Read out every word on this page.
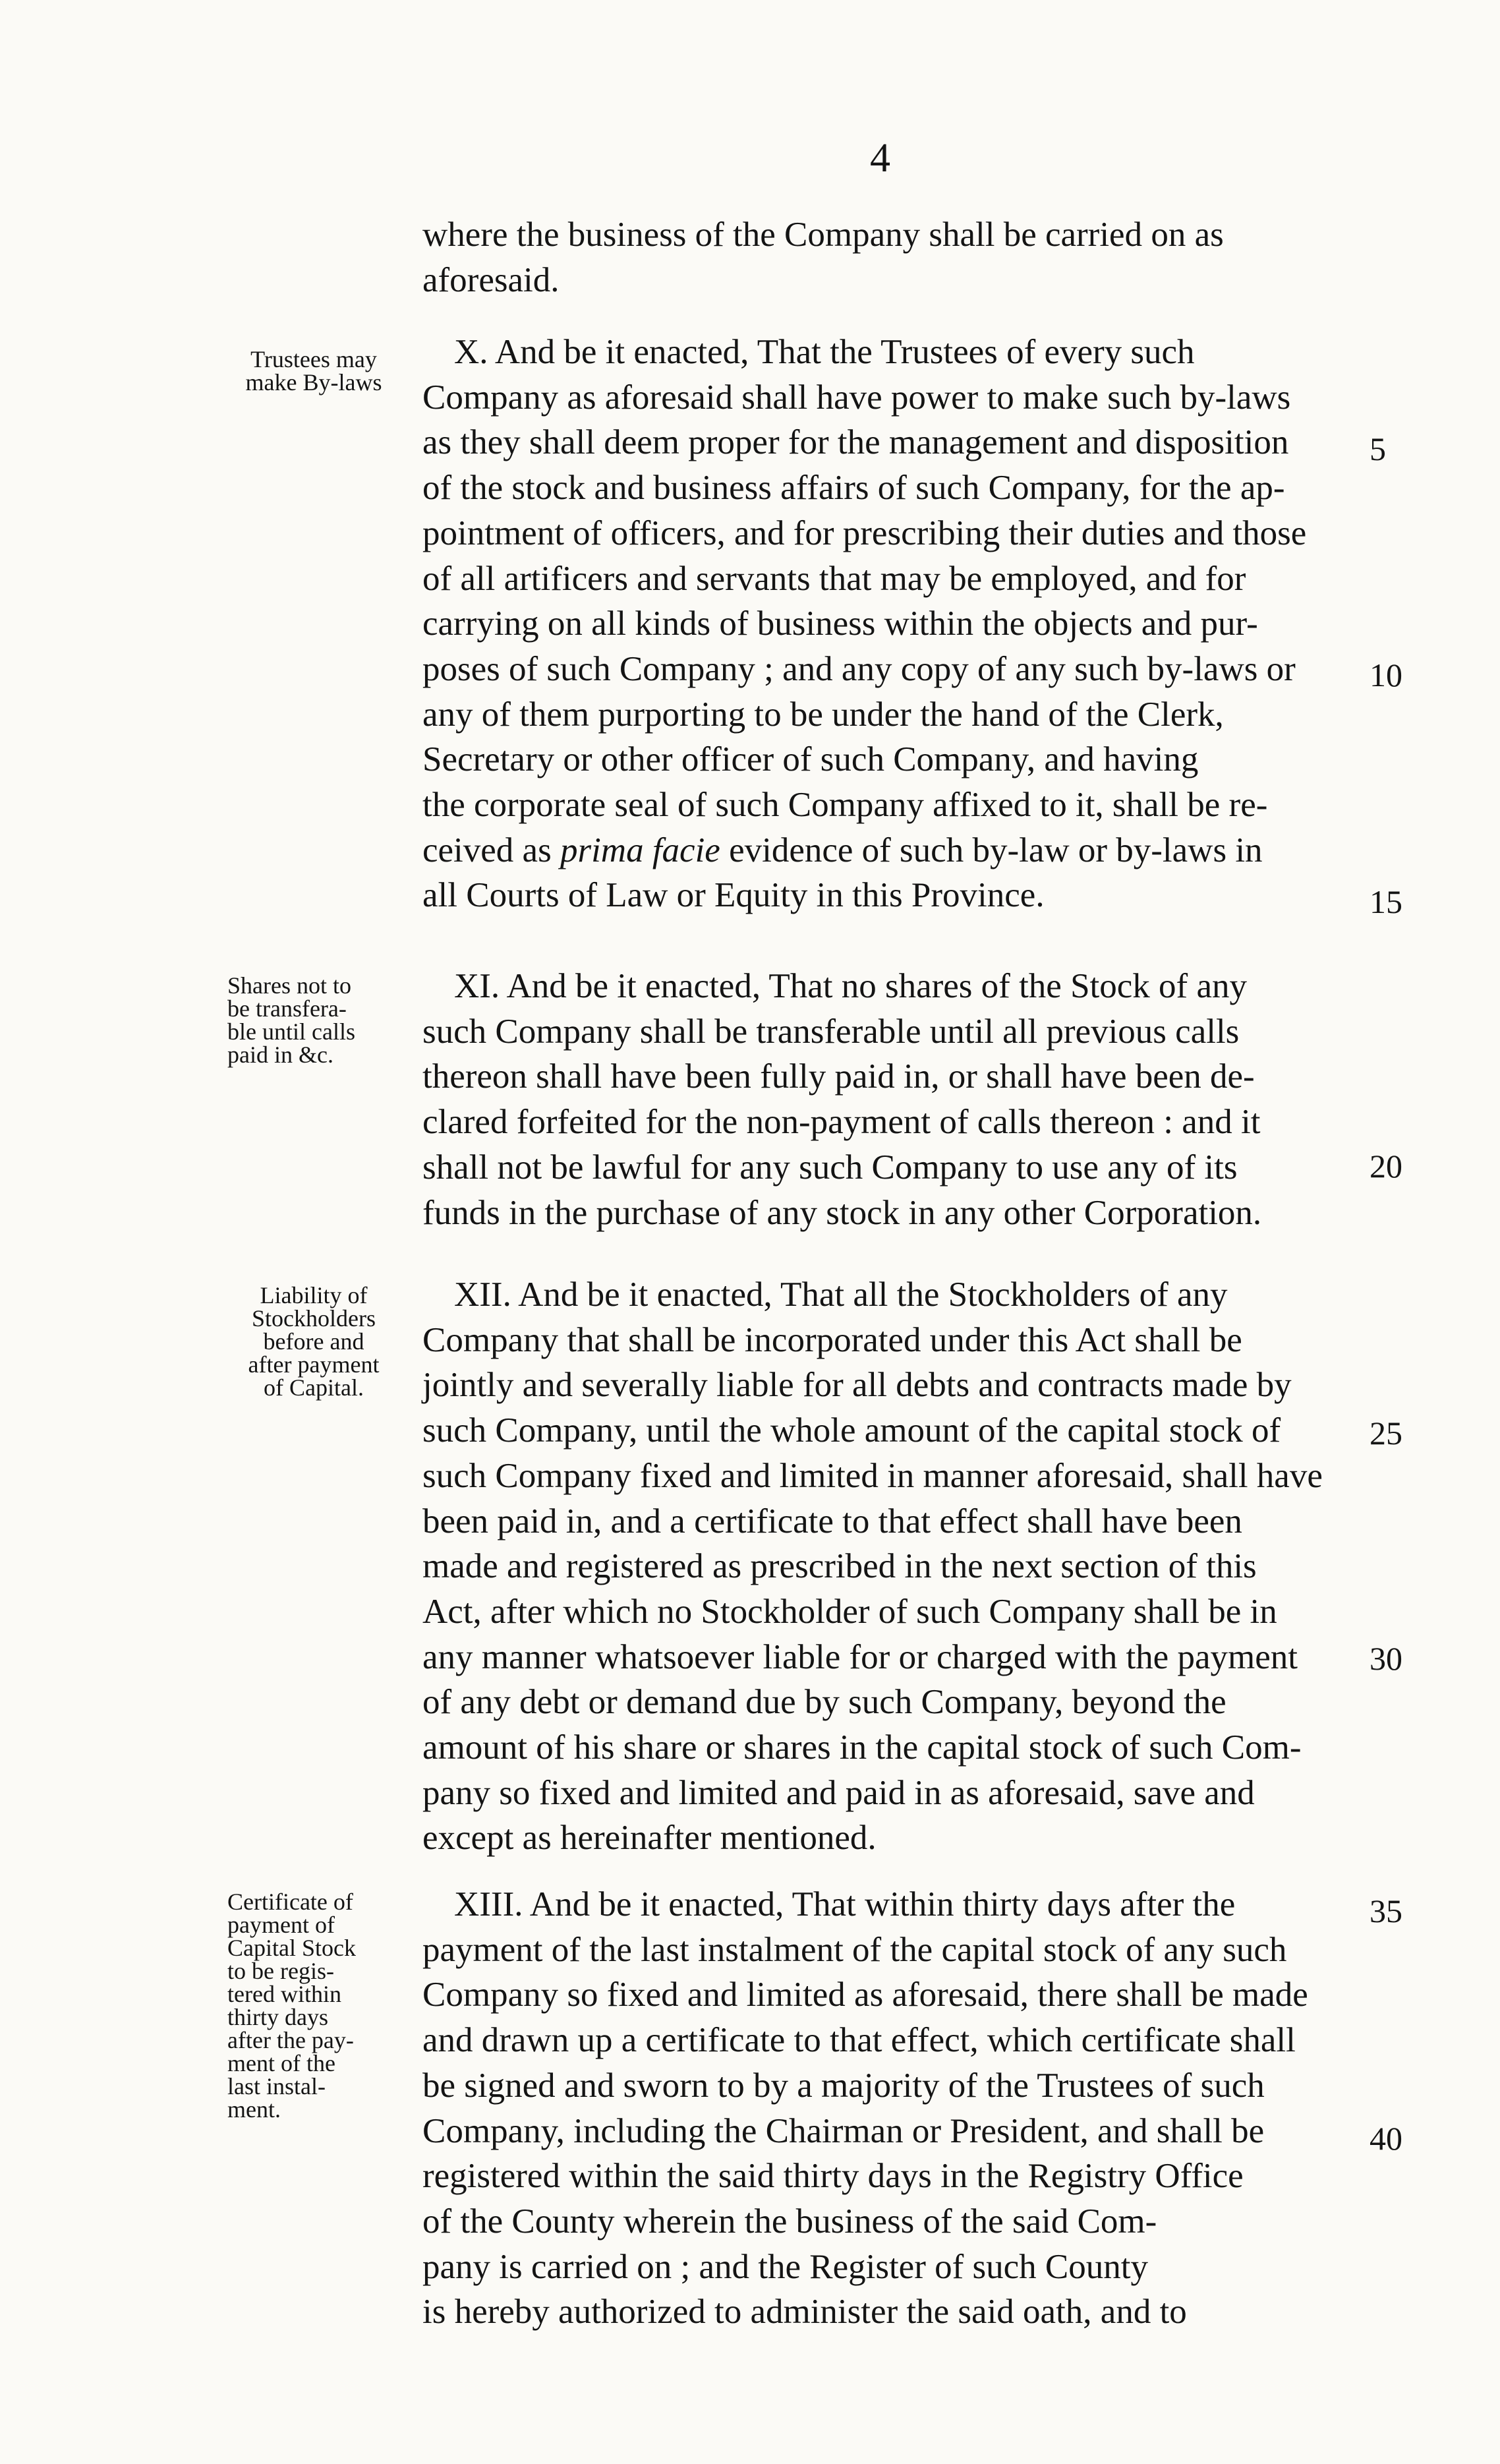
4
where the business of the Company shall be carried on as
aforesaid.
X. And be it enacted, That the Trustees of every such
Company as aforesaid shall have power to make such by-laws
as they shall deem proper for the management and disposition
of the stock and business affairs of such Company, for the ap-
pointment of officers, and for prescribing their duties and those
of all artificers and servants that may be employed, and for
carrying on all kinds of business within the objects and pur-
poses of such Company ; and any copy of any such by-laws or
any of them purporting to be under the hand of the Clerk,
Secretary or other officer of such Company, and having
the corporate seal of such Company affixed to it, shall be re-
ceived as prima facie evidence of such by-law or by-laws in
all Courts of Law or Equity in this Province.
XI. And be it enacted, That no shares of the Stock of any
such Company shall be transferable until all previous calls
thereon shall have been fully paid in, or shall have been de-
clared forfeited for the non-payment of calls thereon : and it
shall not be lawful for any such Company to use any of its
funds in the purchase of any stock in any other Corporation.
XII. And be it enacted, That all the Stockholders of any
Company that shall be incorporated under this Act shall be
jointly and severally liable for all debts and contracts made by
such Company, until the whole amount of the capital stock of
such Company fixed and limited in manner aforesaid, shall have
been paid in, and a certificate to that effect shall have been
made and registered as prescribed in the next section of this
Act, after which no Stockholder of such Company shall be in
any manner whatsoever liable for or charged with the payment
of any debt or demand due by such Company, beyond the
amount of his share or shares in the capital stock of such Com-
pany so fixed and limited and paid in as aforesaid, save and
except as hereinafter mentioned.
XIII. And be it enacted, That within thirty days after the
payment of the last instalment of the capital stock of any such
Company so fixed and limited as aforesaid, there shall be made
and drawn up a certificate to that effect, which certificate shall
be signed and sworn to by a majority of the Trustees of such
Company, including the Chairman or President, and shall be
registered within the said thirty days in the Registry Office
of the County wherein the business of the said Com-
pany is carried on ; and the Register of such County
is hereby authorized to administer the said oath, and to
Trustees may
make By-laws
Shares not to
be transfera-
ble until calls
paid in &c.
Liability of
Stockholders
before and
after payment
of Capital.
Certificate of
payment of
Capital Stock
to be regis-
tered within
thirty days
after the pay-
ment of the
last instal-
ment.
5
10
15
20
25
30
35
40
